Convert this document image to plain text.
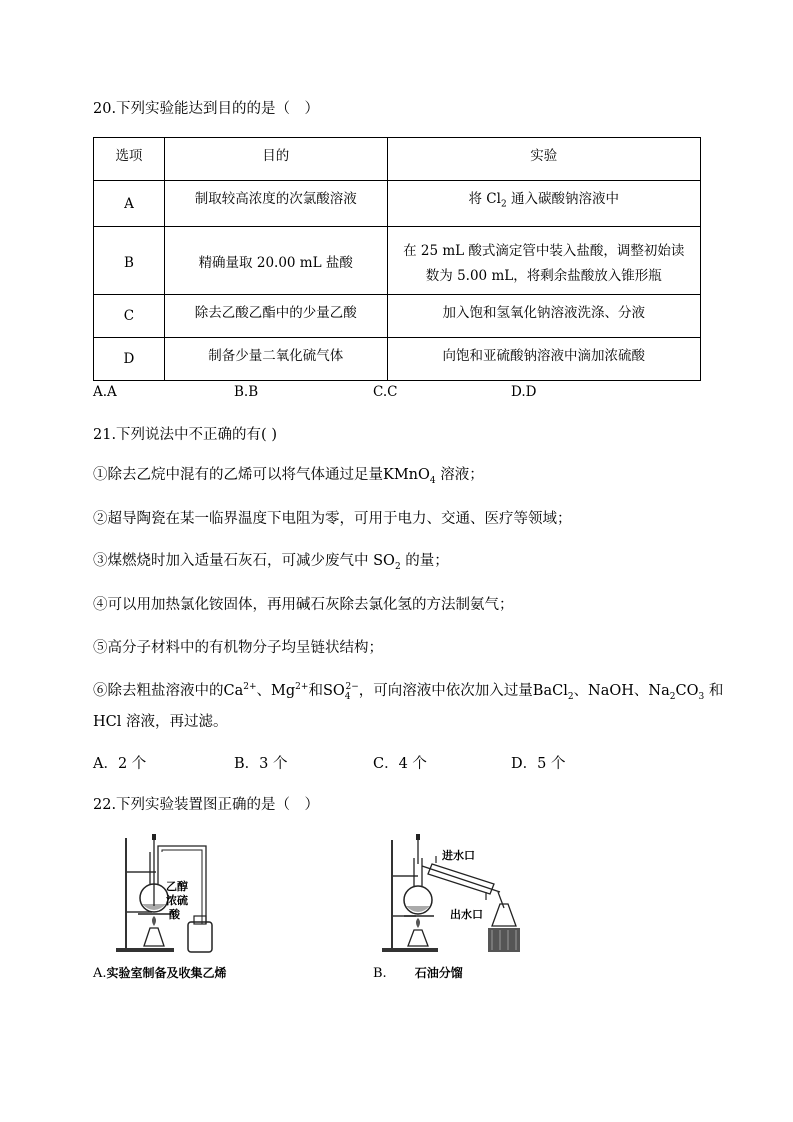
20.下列实验能达到目的的是（　）
选项	目的	实验
A	制取较高浓度的次氯酸溶液	将 $Cl_2$ 通入碳酸钠溶液中
B	精确量取 20.00 mL 盐酸	在 25 mL 酸式滴定管中装入盐酸，调整初始读
数为 5.00 mL，将剩余盐酸放入锥形瓶

C	除去乙酸乙酯中的少量乙酸	加入饱和氢氧化钠溶液洗涤、分液
D	制备少量二氧化硫气体	向饱和亚硫酸钠溶液中滴加浓硫酸
A.A	B.B	C.C	D.D
21.下列说法中不正确的有( )
①除去乙烷中混有的乙烯可以将气体通过足量KMnO$_4$ 溶液；
②超导陶瓷在某一临界温度下电阻为零，可用于电力、交通、医疗等领域；
③煤燃烧时加入适量石灰石，可减少废气中 $SO_2$ 的量；
④可以用加热氯化铵固体，再用碱石灰除去氯化氢的方法制氨气；
⑤高分子材料中的有机物分子均呈链状结构；
⑥除去粗盐溶液中的$Ca^{2+}$、$Mg^{2+}$和$SO_4^{2-}$，可向溶液中依次加入过量BaCl$_2$、NaOH、$Na_2CO_3$ 和
HCl 溶液，再过滤。
A．2 个	B．3 个	C．4 个	D．5 个
22.下列实验装置图正确的是（　）
乙醇
浓硫
酸
A.实验室制备及收集乙烯
进水口
出水口
B. 石油分馏
